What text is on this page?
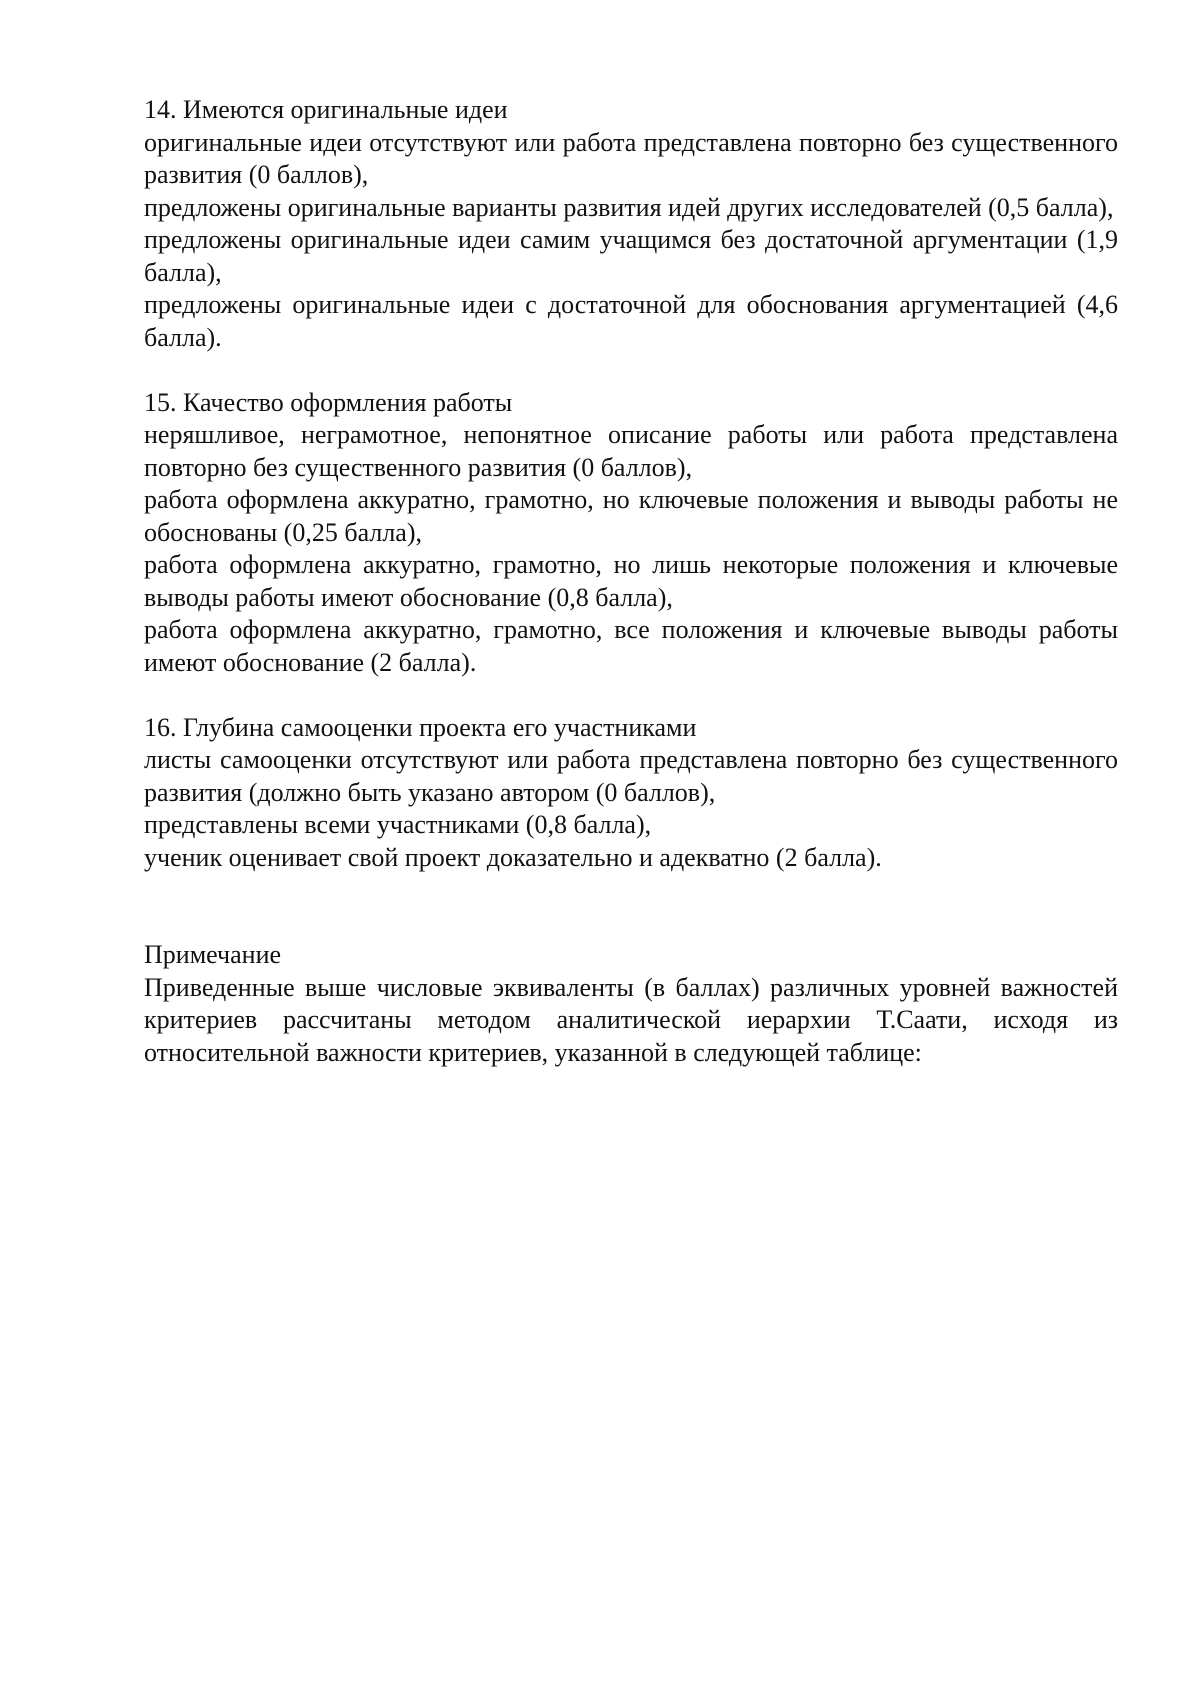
14. Имеются оригинальные идеи

оригинальные идеи отсутствуют или работа представлена повторно без существенного развития (0 баллов),

предложены оригинальные варианты развития идей других исследователей (0,5 балла),

предложены оригинальные идеи самим учащимся без достаточной аргументации (1,9 балла),

предложены оригинальные идеи с достаточной для обоснования аргументацией (4,6 балла).

15. Качество оформления работы

неряшливое, неграмотное, непонятное описание работы или работа представлена повторно без существенного развития (0 баллов),

работа оформлена аккуратно, грамотно, но ключевые положения и выводы работы не обоснованы (0,25 балла),

работа оформлена аккуратно, грамотно, но лишь некоторые положения и ключевые выводы работы имеют обоснование (0,8 балла),

работа оформлена аккуратно, грамотно, все положения и ключевые выводы работы имеют обоснование (2 балла).

16. Глубина самооценки проекта его участниками

листы самооценки отсутствуют или работа представлена повторно без существенного развития (должно быть указано автором (0 баллов),

представлены всеми участниками (0,8 балла),

ученик оценивает свой проект доказательно и адекватно (2 балла).

Примечание

Приведенные выше числовые эквиваленты (в баллах) различных уровней важностей критериев рассчитаны методом аналитической иерархии Т.Саати, исходя из относительной важности критериев, указанной в следующей таблице:
